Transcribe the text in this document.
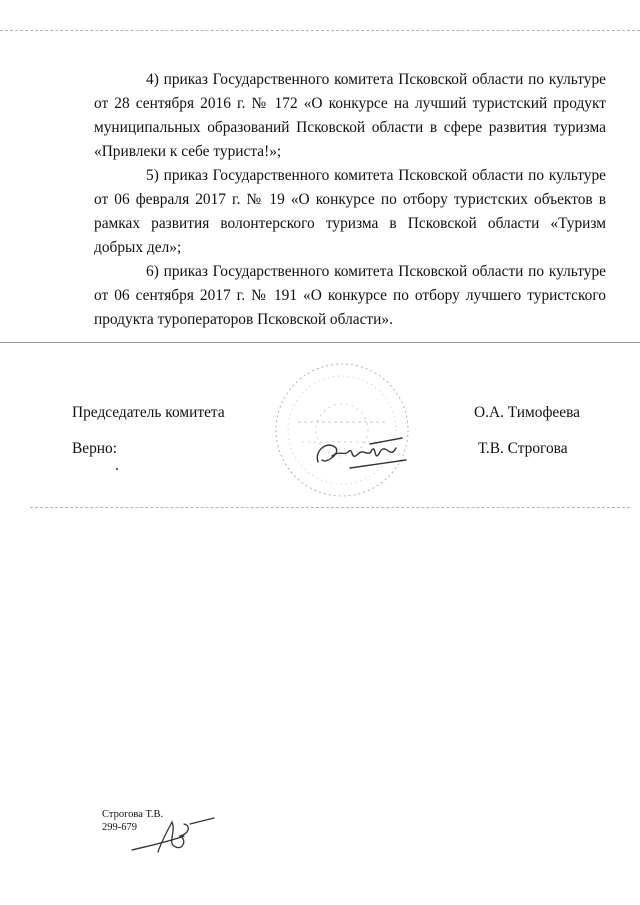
4) приказ Государственного комитета Псковской области по культуре от 28 сентября 2016 г. № 172 «О конкурсе на лучший туристский продукт муниципальных образований Псковской области в сфере развития туризма «Привлеки к себе туриста!»;

5) приказ Государственного комитета Псковской области по культуре от 06 февраля 2017 г. № 19 «О конкурсе по отбору туристских объектов в рамках развития волонтерского туризма в Псковской области «Туризм добрых дел»;

6) приказ Государственного комитета Псковской области по культуре от 06 сентября 2017 г. № 191 «О конкурсе по отбору лучшего туристского продукта туроператоров Псковской области».

Председатель комитета	О.А. Тимофеева
Верно:	Т.В. Строгова
Строгова Т.В.
299-679
